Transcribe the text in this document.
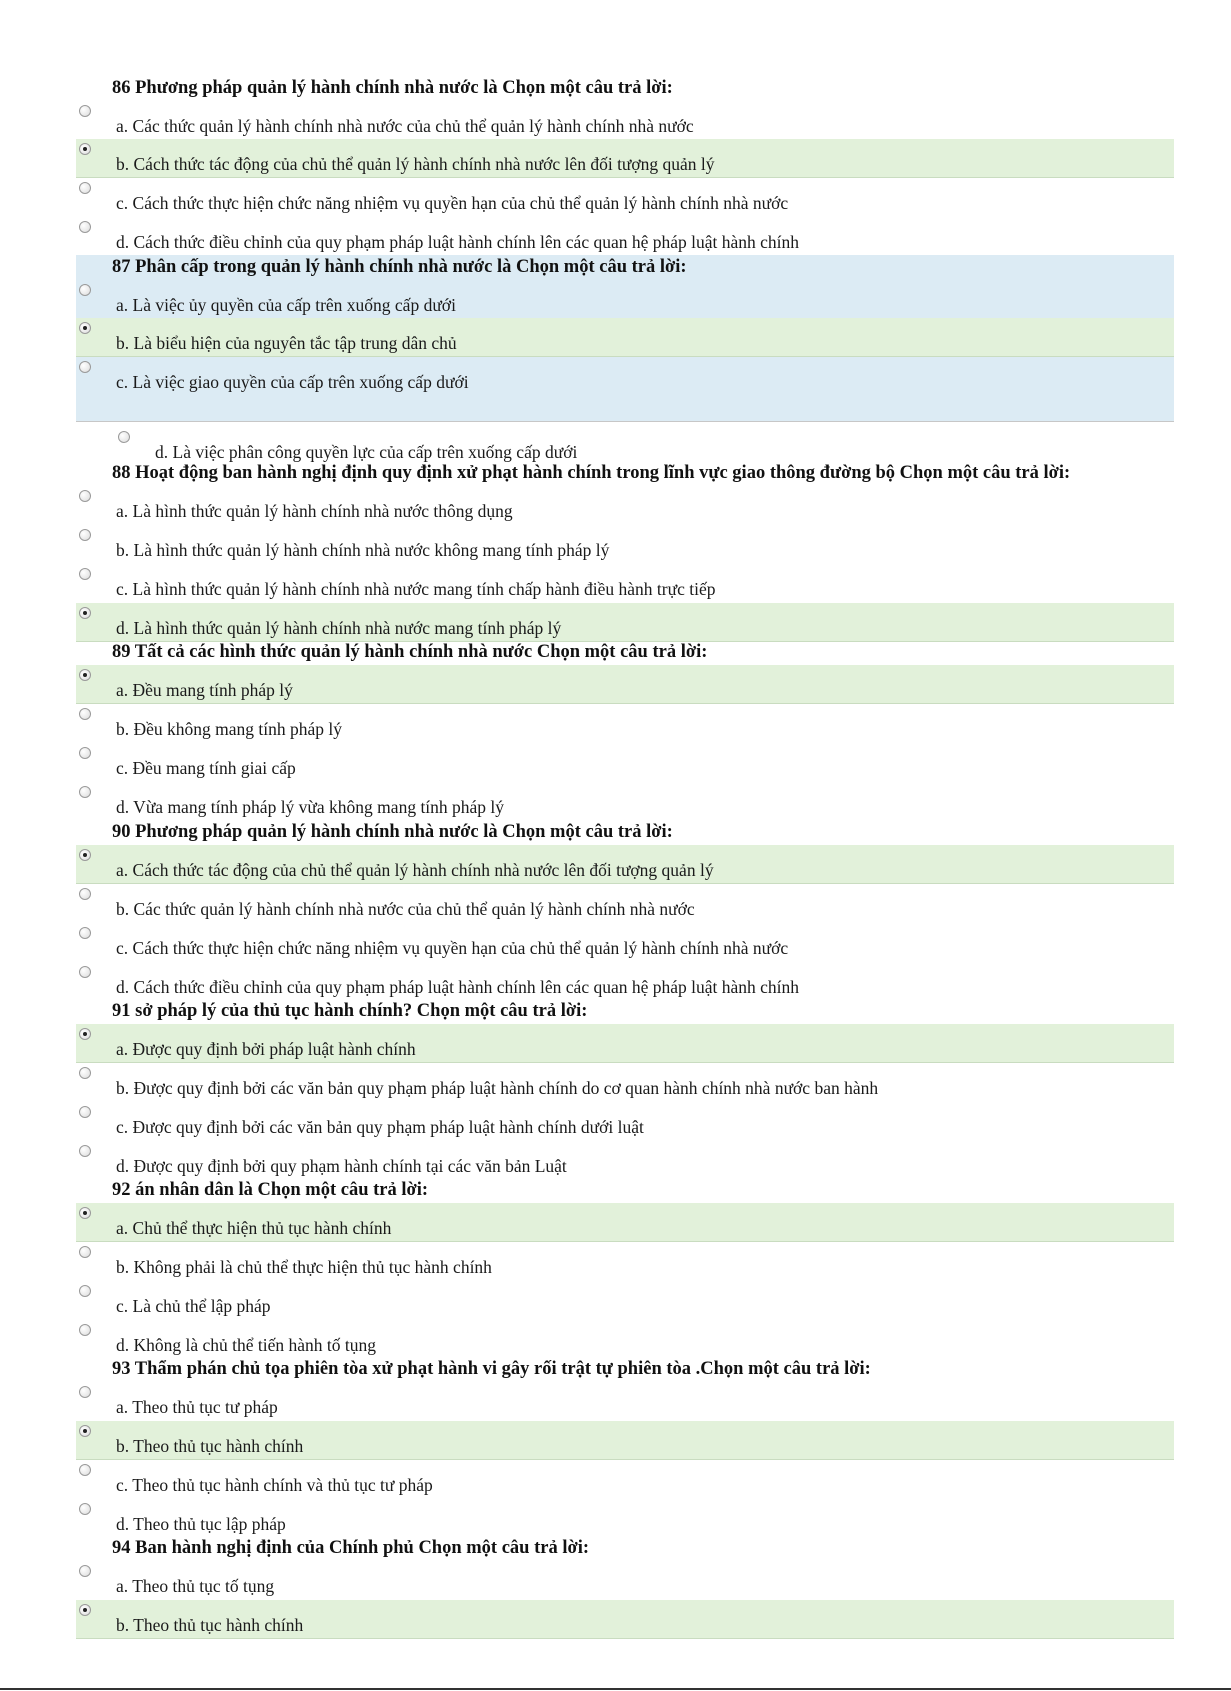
86 Phương pháp quản lý hành chính nhà nước là Chọn một câu trả lời:
a. Các thức quản lý hành chính nhà nước của chủ thể quản lý hành chính nhà nước
b. Cách thức tác động của chủ thể quản lý hành chính nhà nước lên đối tượng quản lý
c. Cách thức thực hiện chức năng nhiệm vụ quyền hạn của chủ thể quản lý hành chính nhà nước
d. Cách thức điều chỉnh của quy phạm pháp luật hành chính lên các quan hệ pháp luật hành chính
87 Phân cấp trong quản lý hành chính nhà nước là Chọn một câu trả lời:
a. Là việc ủy quyền của cấp trên xuống cấp dưới
b. Là biểu hiện của nguyên tắc tập trung dân chủ
c. Là việc giao quyền của cấp trên xuống cấp dưới
d. Là việc phân công quyền lực của cấp trên xuống cấp dưới
88 Hoạt động ban hành nghị định quy định xử phạt hành chính trong lĩnh vực giao thông đường bộ Chọn một câu trả lời:
a. Là hình thức quản lý hành chính nhà nước thông dụng
b. Là hình thức quản lý hành chính nhà nước không mang tính pháp lý
c. Là hình thức quản lý hành chính nhà nước mang tính chấp hành điều hành trực tiếp
d. Là hình thức quản lý hành chính nhà nước mang tính pháp lý
89 Tất cả các hình thức quản lý hành chính nhà nước Chọn một câu trả lời:
a. Đều mang tính pháp lý
b. Đều không mang tính pháp lý
c. Đều mang tính giai cấp
d. Vừa mang tính pháp lý vừa không mang tính pháp lý
90 Phương pháp quản lý hành chính nhà nước là Chọn một câu trả lời:
a. Cách thức tác động của chủ thể quản lý hành chính nhà nước lên đối tượng quản lý
b. Các thức quản lý hành chính nhà nước của chủ thể quản lý hành chính nhà nước
c. Cách thức thực hiện chức năng nhiệm vụ quyền hạn của chủ thể quản lý hành chính nhà nước
d. Cách thức điều chỉnh của quy phạm pháp luật hành chính lên các quan hệ pháp luật hành chính
91 sở pháp lý của thủ tục hành chính? Chọn một câu trả lời:
a. Được quy định bởi pháp luật hành chính
b. Được quy định bởi các văn bản quy phạm pháp luật hành chính do cơ quan hành chính nhà nước ban hành
c. Được quy định bởi các văn bản quy phạm pháp luật hành chính dưới luật
d. Được quy định bởi quy phạm hành chính tại các văn bản Luật
92 án nhân dân là Chọn một câu trả lời:
a. Chủ thể thực hiện thủ tục hành chính
b. Không phải là chủ thể thực hiện thủ tục hành chính
c. Là chủ thể lập pháp
d. Không là chủ thể tiến hành tố tụng
93 Thẩm phán chủ tọa phiên tòa xử phạt hành vi gây rối trật tự phiên tòa .Chọn một câu trả lời:
a. Theo thủ tục tư pháp
b. Theo thủ tục hành chính
c. Theo thủ tục hành chính và thủ tục tư pháp
d. Theo thủ tục lập pháp
94 Ban hành nghị định của Chính phủ Chọn một câu trả lời:
a. Theo thủ tục tố tụng
b. Theo thủ tục hành chính
